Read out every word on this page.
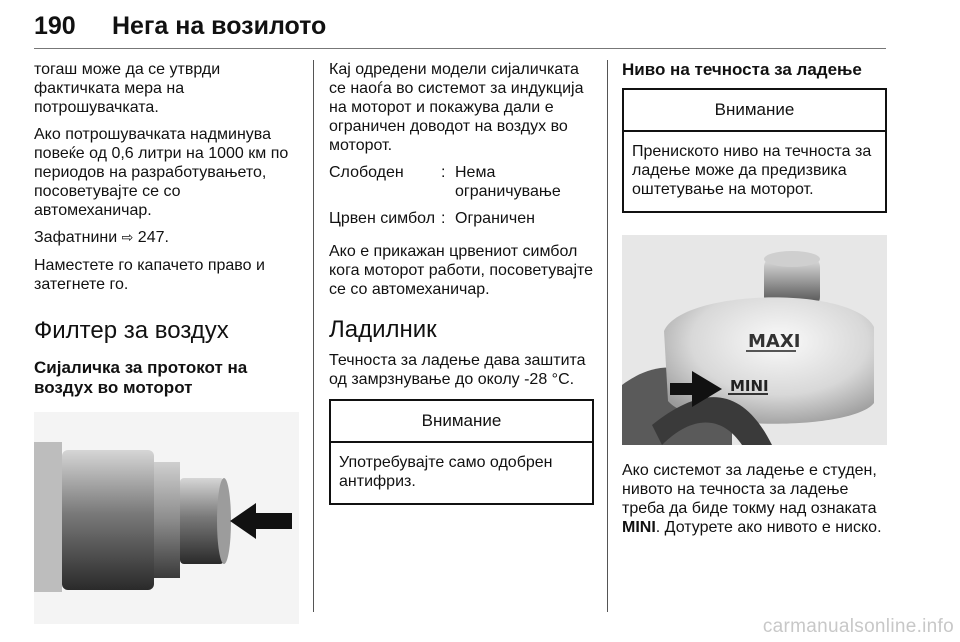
190 Нега на возилото

тогаш може да се утврди фактичката мера на потрошувачката.

Ако потрошувачката надминува повеќе од 0,6 литри на 1000 км по периодов на разработувањето, посоветувајте се со автомеханичар.

Зафатнини ⇨ 247.

Наместете го капачето право и затегнете го.

Филтер за воздух
Сијаличка за протокот на воздух во моторот

Кај одредени модели сијаличката се наоѓа во системот за индукција на моторот и покажува дали е ограничен доводот на воздух во моторот.

Слободен	: Нема ограничување
Црвен симбол : Ограничен

Ако е прикажан црвениот симбол кога моторот работи, посоветувајте се со автомеханичар.

Ладилник

Течноста за ладење дава заштита од замрзнување до околу -28 °C.

Внимание
Употребувајте само одобрен антифриз.
Ниво на течноста за ладење
Внимание
Прениското ниво на течноста за ладење може да предизвика оштетување на моторот.
MAXI
MINI

Ако системот за ладење е студен, нивото на течноста за ладење треба да биде токму над ознаката MINI. Дотурете ако нивото е ниско.

carmanualsonline.info
